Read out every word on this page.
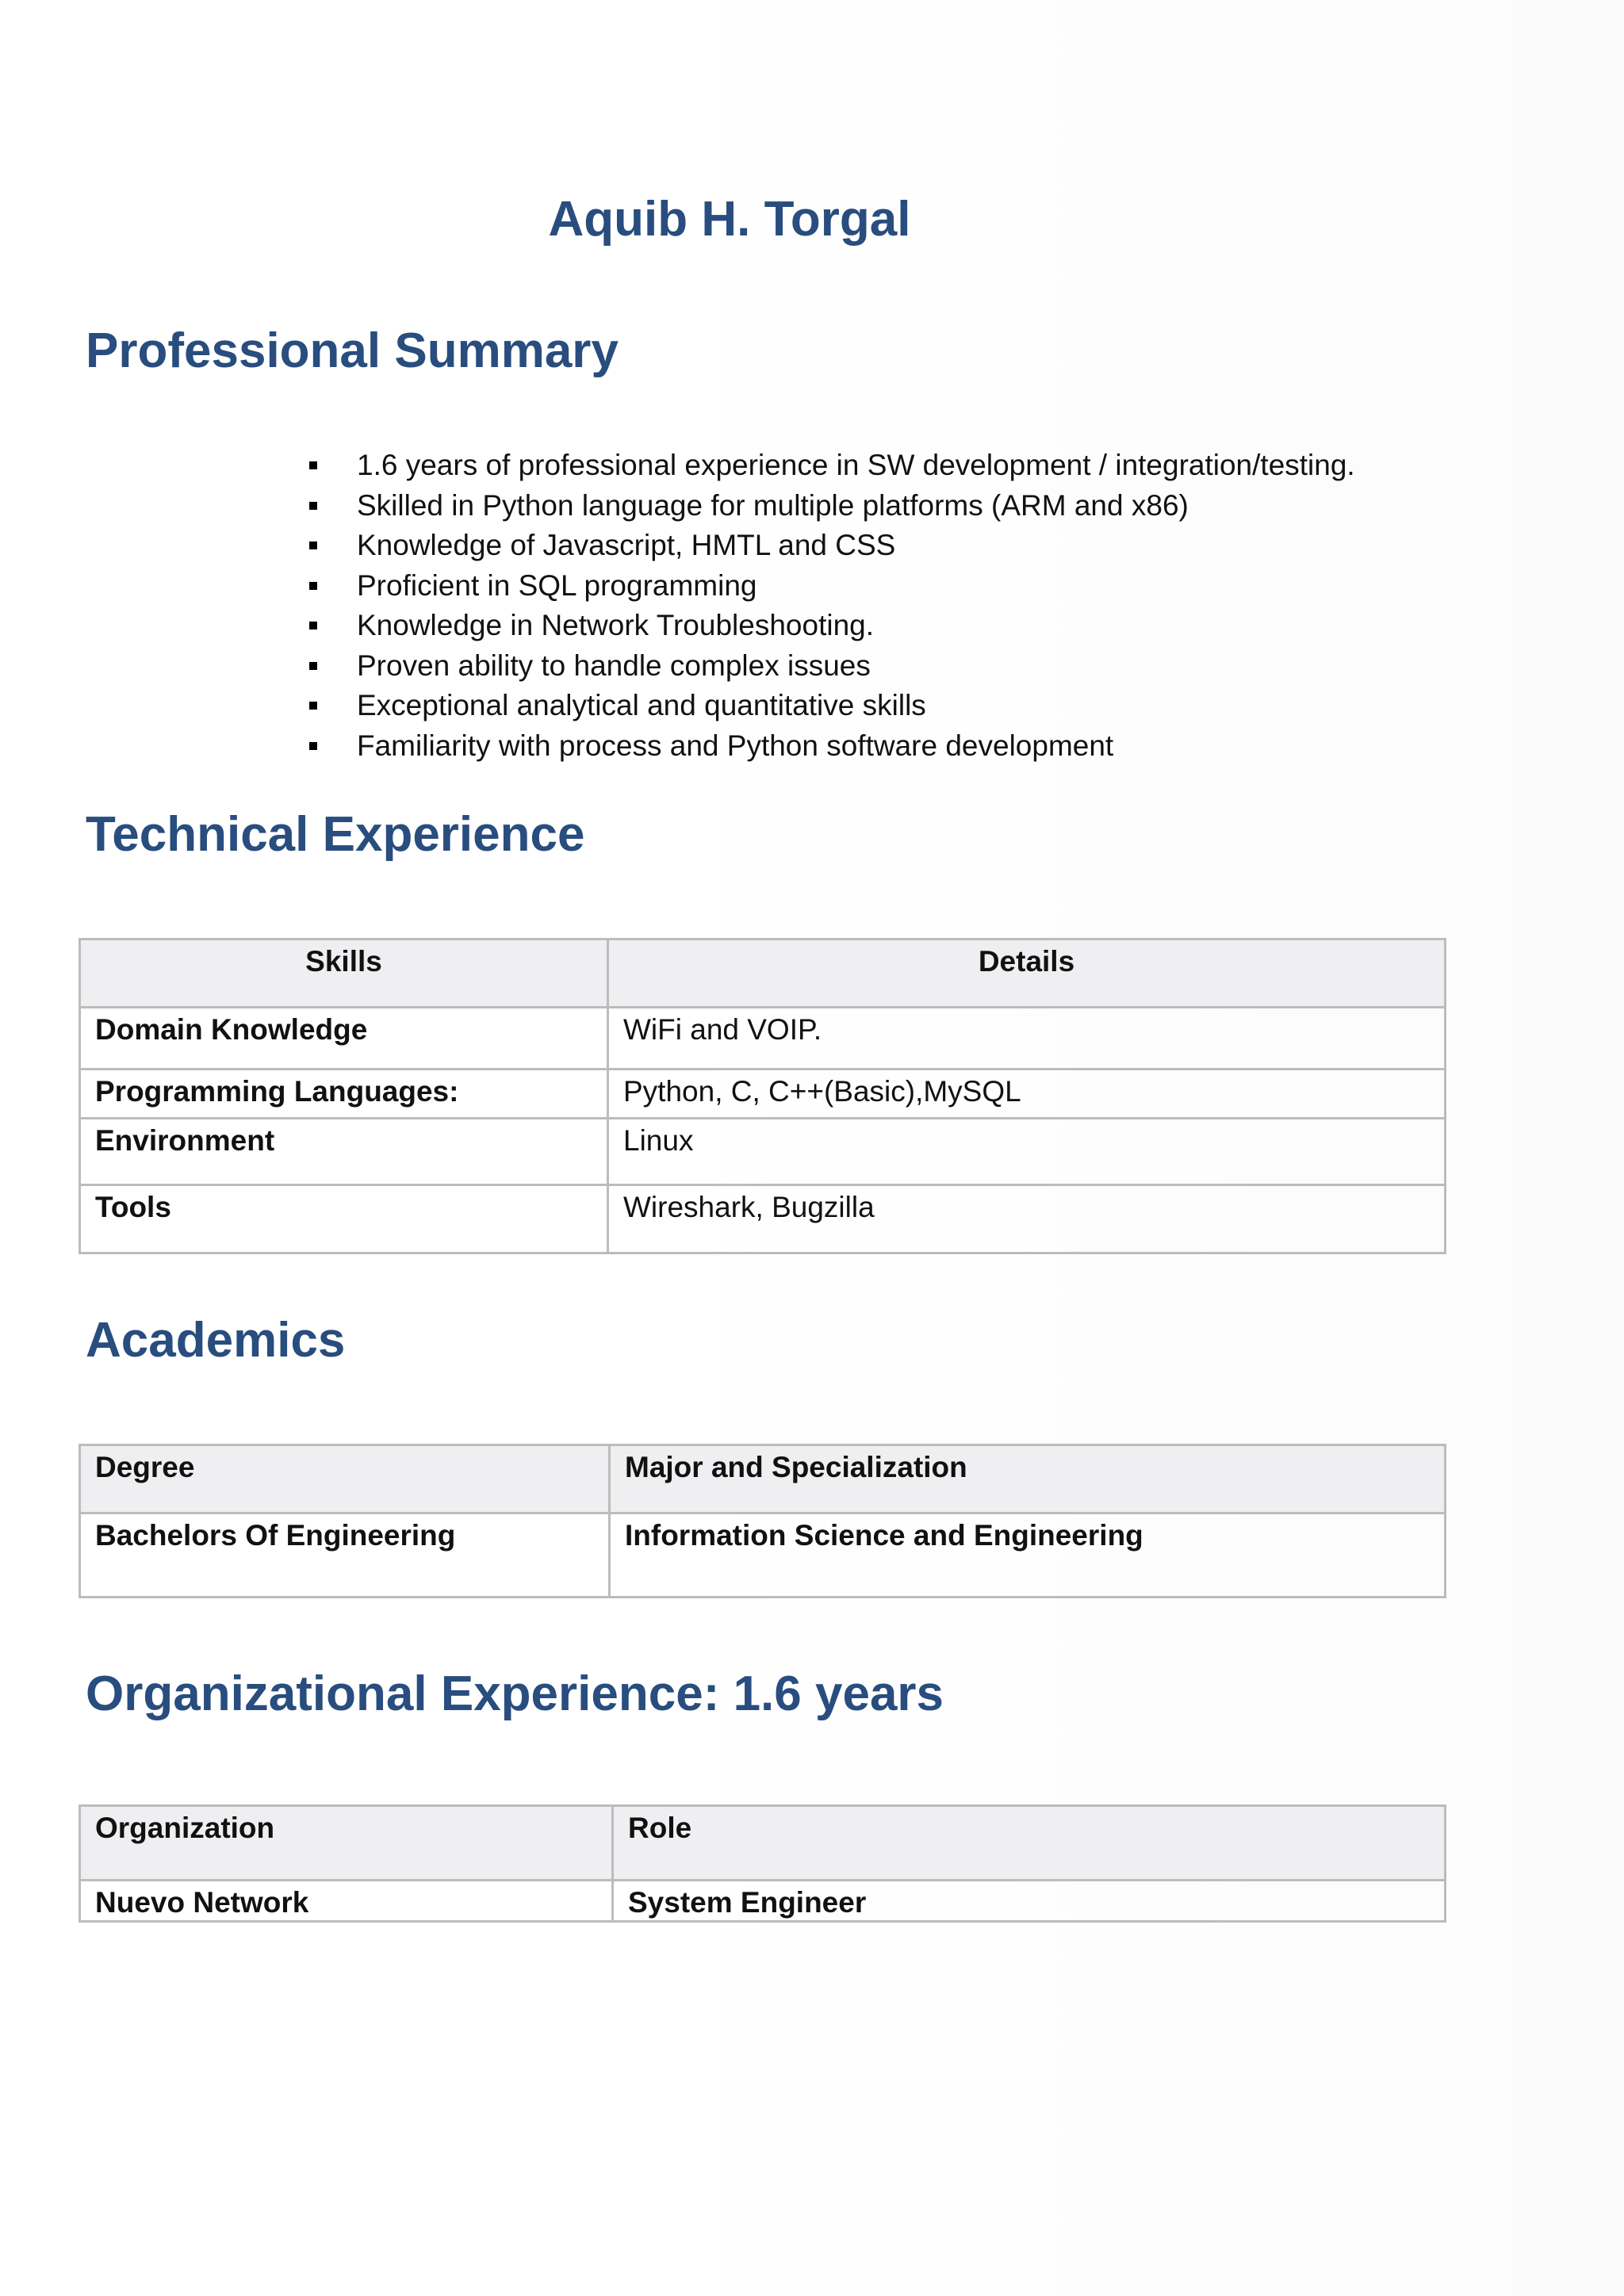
Aquib H. Torgal
Professional Summary
1.6 years of professional experience in SW development / integration/testing.
Skilled in Python language for multiple platforms (ARM and x86)
Knowledge of Javascript, HMTL and CSS
Proficient in SQL programming
Knowledge in Network Troubleshooting.
Proven ability to handle complex issues
Exceptional analytical and quantitative skills
Familiarity with process and Python software development
Technical Experience
Skills	Details
Domain Knowledge	WiFi and VOIP.
Programming Languages:	Python, C, C++(Basic),MySQL
Environment	Linux
Tools	Wireshark, Bugzilla
Academics
Degree	Major and Specialization
Bachelors Of Engineering	Information Science and Engineering
Organizational Experience: 1.6 years
Organization	Role
Nuevo Network	System Engineer
